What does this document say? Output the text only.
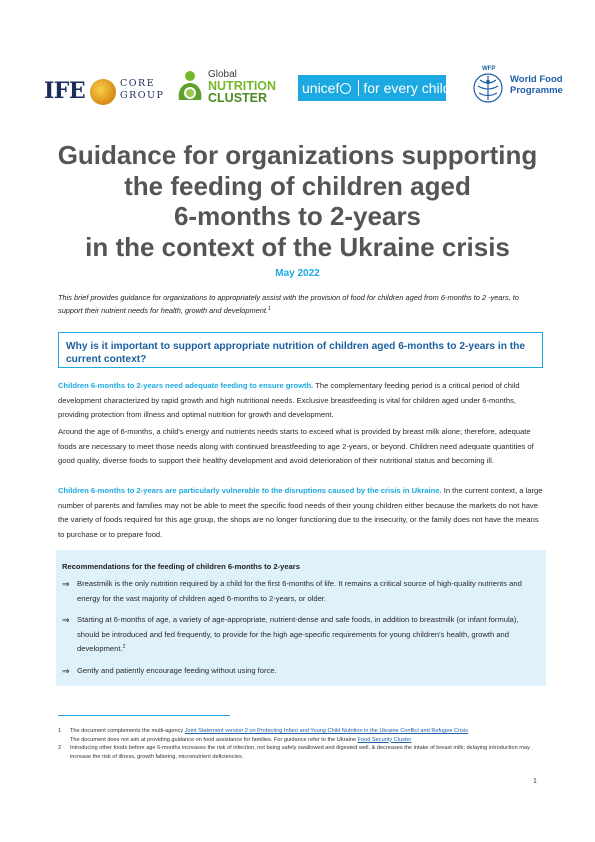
IFE	CORE
GROUP
Global
NUTRITION
CLUSTER
unicef for every child
WFP
World Food
Programme
Guidance for organizations supporting
the feeding of children aged
6-months to 2-years
in the context of the Ukraine crisis
May 2022
This brief provides guidance for organizations to appropriately assist with the provision of food for children aged from 6-months to 2 -years, to support their nutrient needs for health, growth and development.$^1$
Why is it important to support appropriate nutrition of children aged 6-months to 2-years in the current context?
Children 6-months to 2-years need adequate feeding to ensure growth. The complementary feeding period is a critical period of child development characterized by rapid growth and high nutritional needs. Exclusive breastfeeding is vital for children aged under 6-months, providing protection from illness and optimal nutrition for growth and development.
Around the age of 6-months, a child’s energy and nutrients needs starts to exceed what is provided by breast milk alone; therefore, adequate foods are necessary to meet those needs along with continued breastfeeding to age 2-years, or beyond. Children need adequate quantities of good quality, diverse foods to support their healthy development and avoid deterioration of their nutritional status and becoming ill.
Children 6-months to 2-years are particularly vulnerable to the disruptions caused by the crisis in Ukraine. In the current context, a large number of parents and families may not be able to meet the specific food needs of their young children either because the markets do not have the variety of foods required for this age group, the shops are no longer functioning due to the insecurity, or the family does not have the means to purchase or to prepare food.
Recommendations for the feeding of children 6-months to 2-years
⇒ Breastmilk is the only nutrition required by a child for the first 6-months of life. It remains a critical source of high-quality nutrients and energy for the vast majority of children aged 6-months to 2-years, or older.
⇒ Starting at 6-months of age, a variety of age-appropriate, nutrient-dense and safe foods, in addition to breastmilk (or infant formula), should be introduced and fed frequently, to provide for the high age-specific requirements for young children’s health, growth and development.$^2$
⇒ Gently and patiently encourage feeding without using force.
1 The document complements the multi-agency Joint Statement version 2 on Protecting Infant and Young Child Nutrition in the Ukraine Conflict and Refugee Crisis
The document does not aim at providing guidance on food assistance for families. For guidance refer to the Ukraine Food Security Cluster
2 Introducing other foods before age 6-months increases the risk of infection, not being safely swallowed and digested well, & decreases the intake of breast milk; delaying introduction may increase the risk of illness, growth faltering, micronutrient deficiencies.
1
